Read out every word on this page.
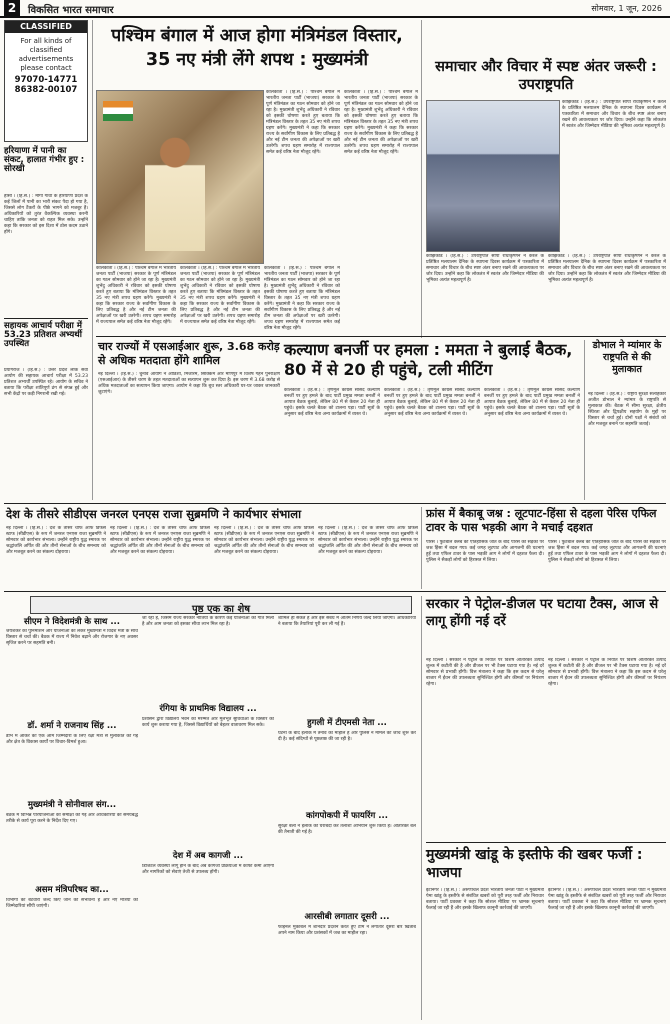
2	विकसित भारत समाचार	सोमवार, 1 जून, 2026
CLASSIFIED
For all kinds of classified advertisements please contact
97070-14771
86382-00107
हरियाणा में पानी का संकट, हालात गंभीर हुए : सोरखी
हांसी । (हि.स.) : मोगा गावों के हरियाणा प्रदेश के कई जिलों में पानी का भारी संकट पैदा हो गया है, जिससे लोग टैंकरों के पीछे भागने को मजबूर हैं। अधिकारियों को तुरंत वैकल्पिक व्यवस्था करनी चाहिए ताकि जनता को राहत मिल सके। उन्होंने कहा कि सरकार को इस दिशा में ठोस कदम उठाने होंगे।
सहायक आचार्य परीक्षा में 53.23 प्रतिशत अभ्यर्थी उपस्थित
प्रयागराज । (हि.स.) : उत्तर प्रदेश लोक सेवा आयोग की सहायक आचार्य परीक्षा में 53.23 प्रतिशत अभ्यर्थी उपस्थित रहे। आयोग के सचिव ने बताया कि परीक्षा शांतिपूर्ण ढंग से संपन्न हुई और सभी केंद्रों पर कड़ी निगरानी रखी गई।
पश्चिम बंगाल में आज होगा मंत्रिमंडल विस्तार, 35 नए मंत्री लेंगे शपथ : मुख्यमंत्री
कोलकाता । (हि.स.) : पश्चिम बंगाल में भारतीय जनता पार्टी (भाजपा) सरकार के पूर्ण मंत्रिमंडल का गठन सोमवार को होने जा रहा है। मुख्यमंत्री शुभेंदु अधिकारी ने रविवार को इसकी घोषणा करते हुए बताया कि मंत्रिमंडल विस्तार के तहत 35 नए मंत्री शपथ ग्रहण करेंगे। मुख्यमंत्री ने कहा कि सरकार राज्य के सर्वांगीण विकास के लिए प्रतिबद्ध है और नई टीम जनता की अपेक्षाओं पर खरी उतरेगी। शपथ ग्रहण समारोह में राज्यपाल समेत कई वरिष्ठ नेता मौजूद रहेंगे।
कोलकाता । (हि.स.) : पश्चिम बंगाल में भारतीय जनता पार्टी (भाजपा) सरकार के पूर्ण मंत्रिमंडल का गठन सोमवार को होने जा रहा है। मुख्यमंत्री शुभेंदु अधिकारी ने रविवार को इसकी घोषणा करते हुए बताया कि मंत्रिमंडल विस्तार के तहत 35 नए मंत्री शपथ ग्रहण करेंगे। मुख्यमंत्री ने कहा कि सरकार राज्य के सर्वांगीण विकास के लिए प्रतिबद्ध है और नई टीम जनता की अपेक्षाओं पर खरी उतरेगी। शपथ ग्रहण समारोह में राज्यपाल समेत कई वरिष्ठ नेता मौजूद रहेंगे।
कोलकाता । (हि.स.) : पश्चिम बंगाल में भारतीय जनता पार्टी (भाजपा) सरकार के पूर्ण मंत्रिमंडल का गठन सोमवार को होने जा रहा है। मुख्यमंत्री शुभेंदु अधिकारी ने रविवार को इसकी घोषणा करते हुए बताया कि मंत्रिमंडल विस्तार के तहत 35 नए मंत्री शपथ ग्रहण करेंगे। मुख्यमंत्री ने कहा कि सरकार राज्य के सर्वांगीण विकास के लिए प्रतिबद्ध है और नई टीम जनता की अपेक्षाओं पर खरी उतरेगी। शपथ ग्रहण समारोह में राज्यपाल समेत कई वरिष्ठ नेता मौजूद रहेंगे।
कोलकाता । (हि.स.) : पश्चिम बंगाल में भारतीय जनता पार्टी (भाजपा) सरकार के पूर्ण मंत्रिमंडल का गठन सोमवार को होने जा रहा है। मुख्यमंत्री शुभेंदु अधिकारी ने रविवार को इसकी घोषणा करते हुए बताया कि मंत्रिमंडल विस्तार के तहत 35 नए मंत्री शपथ ग्रहण करेंगे। मुख्यमंत्री ने कहा कि सरकार राज्य के सर्वांगीण विकास के लिए प्रतिबद्ध है और नई टीम जनता की अपेक्षाओं पर खरी उतरेगी। शपथ ग्रहण समारोह में राज्यपाल समेत कई वरिष्ठ नेता मौजूद रहेंगे।
कोलकाता । (हि.स.) : पश्चिम बंगाल में भारतीय जनता पार्टी (भाजपा) सरकार के पूर्ण मंत्रिमंडल का गठन सोमवार को होने जा रहा है। मुख्यमंत्री शुभेंदु अधिकारी ने रविवार को इसकी घोषणा करते हुए बताया कि मंत्रिमंडल विस्तार के तहत 35 नए मंत्री शपथ ग्रहण करेंगे। मुख्यमंत्री ने कहा कि सरकार राज्य के सर्वांगीण विकास के लिए प्रतिबद्ध है और नई टीम जनता की अपेक्षाओं पर खरी उतरेगी। शपथ ग्रहण समारोह में राज्यपाल समेत कई वरिष्ठ नेता मौजूद रहेंगे।
समाचार और विचार में स्पष्ट अंतर जरूरी : उपराष्ट्रपति
कोझिकोड । (हि.स.) : उपराष्ट्रपति सीपी राधाकृष्णन ने केरल के प्रतिष्ठित मलयालम दैनिक के स्थापना दिवस कार्यक्रम में पत्रकारिता में समाचार और विचार के बीच स्पष्ट अंतर बनाए रखने की आवश्यकता पर जोर दिया। उन्होंने कहा कि लोकतंत्र में स्वतंत्र और जिम्मेदार मीडिया की भूमिका अत्यंत महत्वपूर्ण है।
कोझिकोड । (हि.स.) : उपराष्ट्रपति सीपी राधाकृष्णन ने केरल के प्रतिष्ठित मलयालम दैनिक के स्थापना दिवस कार्यक्रम में पत्रकारिता में समाचार और विचार के बीच स्पष्ट अंतर बनाए रखने की आवश्यकता पर जोर दिया। उन्होंने कहा कि लोकतंत्र में स्वतंत्र और जिम्मेदार मीडिया की भूमिका अत्यंत महत्वपूर्ण है।
कोझिकोड । (हि.स.) : उपराष्ट्रपति सीपी राधाकृष्णन ने केरल के प्रतिष्ठित मलयालम दैनिक के स्थापना दिवस कार्यक्रम में पत्रकारिता में समाचार और विचार के बीच स्पष्ट अंतर बनाए रखने की आवश्यकता पर जोर दिया। उन्होंने कहा कि लोकतंत्र में स्वतंत्र और जिम्मेदार मीडिया की भूमिका अत्यंत महत्वपूर्ण है।
चार राज्यों में एसआईआर शुरू, 3.68 करोड़ से अधिक मतदाता होंगे शामिल
नई दिल्ली । (हि.स.) : चुनाव आयोग ने ओडिशा, मिजोरम, सिक्किम और मणिपुर में विशेष गहन पुनरीक्षण (एसआईआर) के तीसरे चरण के तहत मतदाताओं का सत्यापन शुरू कर दिया है। इस चरण में 3.68 करोड़ से अधिक मतदाताओं का सत्यापन किया जाएगा। आयोग ने कहा कि बूथ स्तर अधिकारी घर-घर जाकर जानकारी जुटाएंगे।
कल्याण बनर्जी पर हमला : ममता ने बुलाई बैठक, 80 में से 20 ही पहुंचे, टली मीटिंग
कोलकाता । (हि.स.) : तृणमूल कांग्रेस सांसद कल्याण बनर्जी पर हुए हमले के बाद पार्टी प्रमुख ममता बनर्जी ने आपात बैठक बुलाई, लेकिन 80 में से केवल 20 नेता ही पहुंचे। इसके चलते बैठक को टालना पड़ा। पार्टी सूत्रों के अनुसार कई वरिष्ठ नेता अन्य कार्यक्रमों में व्यस्त थे।
कोलकाता । (हि.स.) : तृणमूल कांग्रेस सांसद कल्याण बनर्जी पर हुए हमले के बाद पार्टी प्रमुख ममता बनर्जी ने आपात बैठक बुलाई, लेकिन 80 में से केवल 20 नेता ही पहुंचे। इसके चलते बैठक को टालना पड़ा। पार्टी सूत्रों के अनुसार कई वरिष्ठ नेता अन्य कार्यक्रमों में व्यस्त थे।
कोलकाता । (हि.स.) : तृणमूल कांग्रेस सांसद कल्याण बनर्जी पर हुए हमले के बाद पार्टी प्रमुख ममता बनर्जी ने आपात बैठक बुलाई, लेकिन 80 में से केवल 20 नेता ही पहुंचे। इसके चलते बैठक को टालना पड़ा। पार्टी सूत्रों के अनुसार कई वरिष्ठ नेता अन्य कार्यक्रमों में व्यस्त थे।
डोभाल ने म्यांमार के राष्ट्रपति से की मुलाकात
नई दिल्ली । (हि.स.) : राष्ट्रीय सुरक्षा सलाहकार अजीत डोभाल ने म्यांमार के राष्ट्रपति से मुलाकात की। बैठक में सीमा सुरक्षा, क्षेत्रीय स्थिरता और द्विपक्षीय सहयोग के मुद्दों पर विस्तार से चर्चा हुई। दोनों पक्षों ने संबंधों को और मजबूत बनाने पर सहमति जताई।
देश के तीसरे सीडीएस जनरल एनएस राजा सुब्रमणि ने कार्यभार संभाला
नई दिल्ली । (हि.स.) : देश के तीसरे चीफ ऑफ डिफेंस स्टाफ (सीडीएस) के रूप में जनरल एनएस राजा सुब्रमणि ने सोमवार को कार्यभार संभाला। उन्होंने राष्ट्रीय युद्ध स्मारक पर श्रद्धांजलि अर्पित की और तीनों सेनाओं के बीच समन्वय को और मजबूत करने का संकल्प दोहराया।
नई दिल्ली । (हि.स.) : देश के तीसरे चीफ ऑफ डिफेंस स्टाफ (सीडीएस) के रूप में जनरल एनएस राजा सुब्रमणि ने सोमवार को कार्यभार संभाला। उन्होंने राष्ट्रीय युद्ध स्मारक पर श्रद्धांजलि अर्पित की और तीनों सेनाओं के बीच समन्वय को और मजबूत करने का संकल्प दोहराया।
नई दिल्ली । (हि.स.) : देश के तीसरे चीफ ऑफ डिफेंस स्टाफ (सीडीएस) के रूप में जनरल एनएस राजा सुब्रमणि ने सोमवार को कार्यभार संभाला। उन्होंने राष्ट्रीय युद्ध स्मारक पर श्रद्धांजलि अर्पित की और तीनों सेनाओं के बीच समन्वय को और मजबूत करने का संकल्प दोहराया।
नई दिल्ली । (हि.स.) : देश के तीसरे चीफ ऑफ डिफेंस स्टाफ (सीडीएस) के रूप में जनरल एनएस राजा सुब्रमणि ने सोमवार को कार्यभार संभाला। उन्होंने राष्ट्रीय युद्ध स्मारक पर श्रद्धांजलि अर्पित की और तीनों सेनाओं के बीच समन्वय को और मजबूत करने का संकल्प दोहराया।
फ्रांस में बैकाबू जश्न : लूटपाट-हिंसा से दहला पेरिस एफिल टावर के पास भड़की आग ने मचाई दहशत
पेरिस । फुटबॉल क्लब की ऐतिहासिक जीत के बाद पेरिस की सड़कों पर जश्न हिंसा में बदल गया। कई जगह लूटपाट और आगजनी की घटनाएं हुईं तथा एफिल टावर के पास भड़की आग ने लोगों में दहशत फैला दी। पुलिस ने सैकड़ों लोगों को हिरासत में लिया।
पेरिस । फुटबॉल क्लब की ऐतिहासिक जीत के बाद पेरिस की सड़कों पर जश्न हिंसा में बदल गया। कई जगह लूटपाट और आगजनी की घटनाएं हुईं तथा एफिल टावर के पास भड़की आग ने लोगों में दहशत फैला दी। पुलिस ने सैकड़ों लोगों को हिरासत में लिया।
पृष्ठ एक का शेष
सीएम ने विदेशमंत्री के साथ ...
जयशंकर का पुनिमोशन और योजनाओं को लेकर मुख्यमंत्री ने विदेश मंत्री के साथ विस्तार से चर्चा की। बैठक में राज्य में निवेश बढ़ाने और रोजगार के नए अवसर सृजित करने पर सहमति बनी।
डॉ. शर्मा ने राजनाथ सिंह ...
डोभ में आकर की एक आम जिम्मेदारी के लिए रक्षा मंत्री से मुलाकात की गई और क्षेत्र के विकास कार्यों पर विचार-विमर्श हुआ।
मुख्यमंत्री ने सोनीवाल संग...
बैठक में विभिन्न परियोजनाओं की समीक्षा की गई और अधिकारियों को समयबद्ध तरीके से कार्य पूरा करने के निर्देश दिए गए।
असम मंत्रिपरिषद का...
विभागों का बंटवारा जल्द किए जाने की संभावना है और नए मंत्रियों को जिम्मेदारियां सौंपी जाएंगी।
जा रहा है, जिसमें राज्य सरकार नीतियों के कारण कई योजनाओं को गति मिली है और आम जनता को इसका सीधा लाभ मिल रहा है।
रंगिया के प्राथमिक विद्यालय ...
प्रशासन द्वारा विद्यालय भवन की मरम्मत और मूलभूत सुविधाओं के विस्तार का कार्य शुरू कराया गया है, जिससे विद्यार्थियों को बेहतर वातावरण मिल सके।
देश में अब कागजी ...
डिजिटल व्यवस्था लागू होने के बाद अब कागजी प्रक्रियाओं में काफी कमी आएगी और नागरिकों को सेवाएं तेजी से उपलब्ध होंगी।
शामिल हो सकते हैं और इस संबंध में अंतिम निर्णय जल्द लिया जाएगा। अधिकारियों ने बताया कि तैयारियां पूरी कर ली गई हैं।
हुगली में टीएमसी नेता ...
घटना के बाद इलाके में तनाव का माहौल है और पुलिस ने मामले की जांच शुरू कर दी है। कई संदिग्धों से पूछताछ की जा रही है।
कांगपोकपी में फायरिंग ...
सुरक्षा बलों ने इलाके की घेराबंदी कर तलाशी अभियान शुरू किया है। अतिरिक्त बल की तैनाती की गई है।
आरसीबी लगातार दूसरी ...
फाइनल मुकाबले में शानदार प्रदर्शन करते हुए टीम ने लगातार दूसरी बार खिताब अपने नाम किया और प्रशंसकों में जश्न का माहौल रहा।
सरकार ने पेट्रोल-डीजल पर घटाया टैक्स, आज से लागू होंगी नई दरें
नई दिल्ली । सरकार ने पेट्रोल के निर्यात पर विशेष अतिरिक्त उत्पाद शुल्क में कटौती की है और डीजल पर भी टैक्स घटाया गया है। नई दरें सोमवार से प्रभावी होंगी। वित्त मंत्रालय ने कहा कि इस कदम से घरेलू बाजार में ईंधन की उपलब्धता सुनिश्चित होगी और कीमतों पर नियंत्रण रहेगा।
नई दिल्ली । सरकार ने पेट्रोल के निर्यात पर विशेष अतिरिक्त उत्पाद शुल्क में कटौती की है और डीजल पर भी टैक्स घटाया गया है। नई दरें सोमवार से प्रभावी होंगी। वित्त मंत्रालय ने कहा कि इस कदम से घरेलू बाजार में ईंधन की उपलब्धता सुनिश्चित होगी और कीमतों पर नियंत्रण रहेगा।
मुख्यमंत्री खांडू के इस्तीफे की खबर फर्जी : भाजपा
ईटानगर । (हि.स.) : अरुणाचल प्रदेश भारतीय जनता पार्टी ने मुख्यमंत्री पेमा खांडू के इस्तीफे से संबंधित खबरों को पूरी तरह फर्जी और निराधार बताया। पार्टी प्रवक्ता ने कहा कि सोशल मीडिया पर भ्रामक सूचनाएं फैलाई जा रही हैं और इसके खिलाफ कानूनी कार्रवाई की जाएगी।
ईटानगर । (हि.स.) : अरुणाचल प्रदेश भारतीय जनता पार्टी ने मुख्यमंत्री पेमा खांडू के इस्तीफे से संबंधित खबरों को पूरी तरह फर्जी और निराधार बताया। पार्टी प्रवक्ता ने कहा कि सोशल मीडिया पर भ्रामक सूचनाएं फैलाई जा रही हैं और इसके खिलाफ कानूनी कार्रवाई की जाएगी।
